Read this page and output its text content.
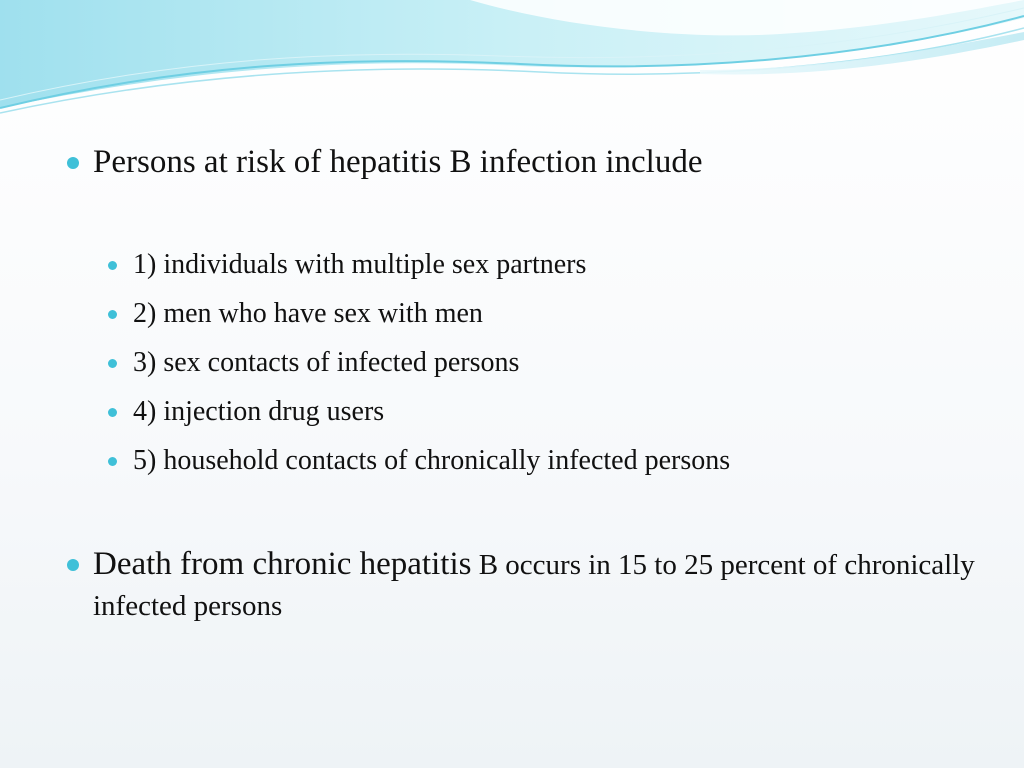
Persons at risk of hepatitis B infection include
1) individuals with multiple sex partners
2) men who have sex with men
3) sex contacts of infected persons
4) injection drug users
5) household contacts of chronically infected persons
Death from chronic hepatitis B occurs in 15 to 25 percent of chronically infected persons
